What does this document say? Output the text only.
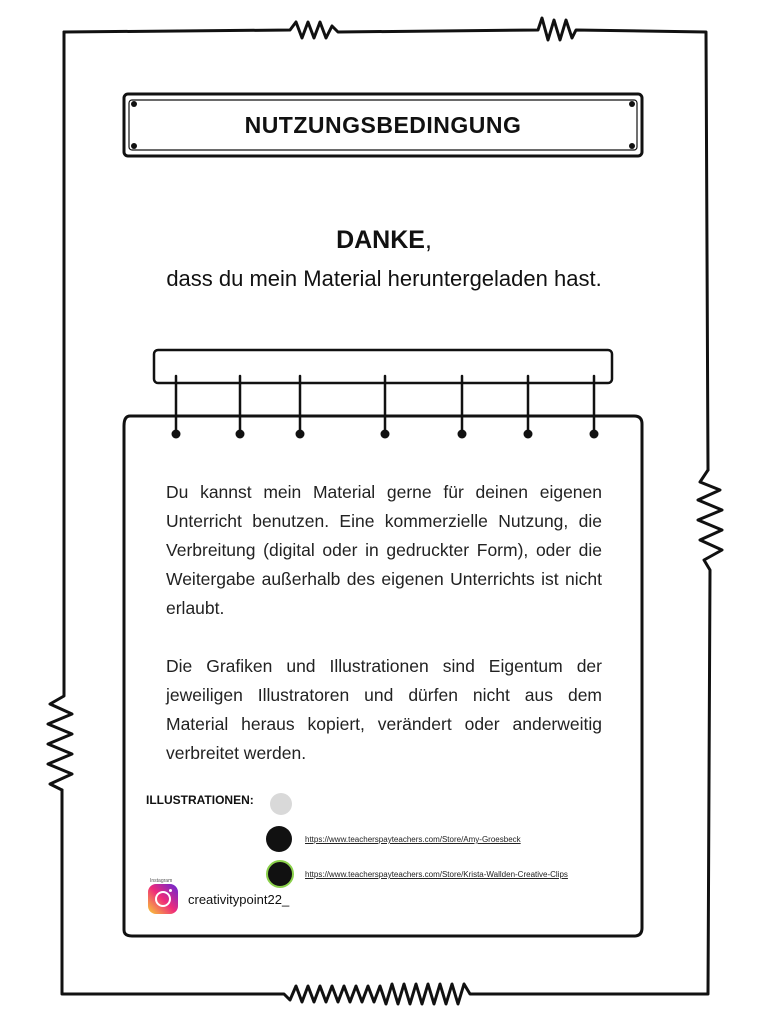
NUTZUNGSBEDINGUNG
DANKE,
dass du mein Material heruntergeladen hast.

Du kannst mein Material gerne für deinen eigenen Unterricht benutzen. Eine kommerzielle Nutzung, die Verbreitung (digital oder in gedruckter Form), oder die Weitergabe außerhalb des eigenen Unterrichts ist nicht erlaubt.

Die Grafiken und Illustrationen sind Eigentum der jeweiligen Illustratoren und dürfen nicht aus dem Material heraus kopiert, verändert oder anderweitig verbreitet werden.

ILLUSTRATIONEN:
https://www.teacherspayteachers.com/Store/Amy-Groesbeck
https://www.teacherspayteachers.com/Store/Krista-Wallden-Creative-Clips
Instagram
creativitypoint22_
